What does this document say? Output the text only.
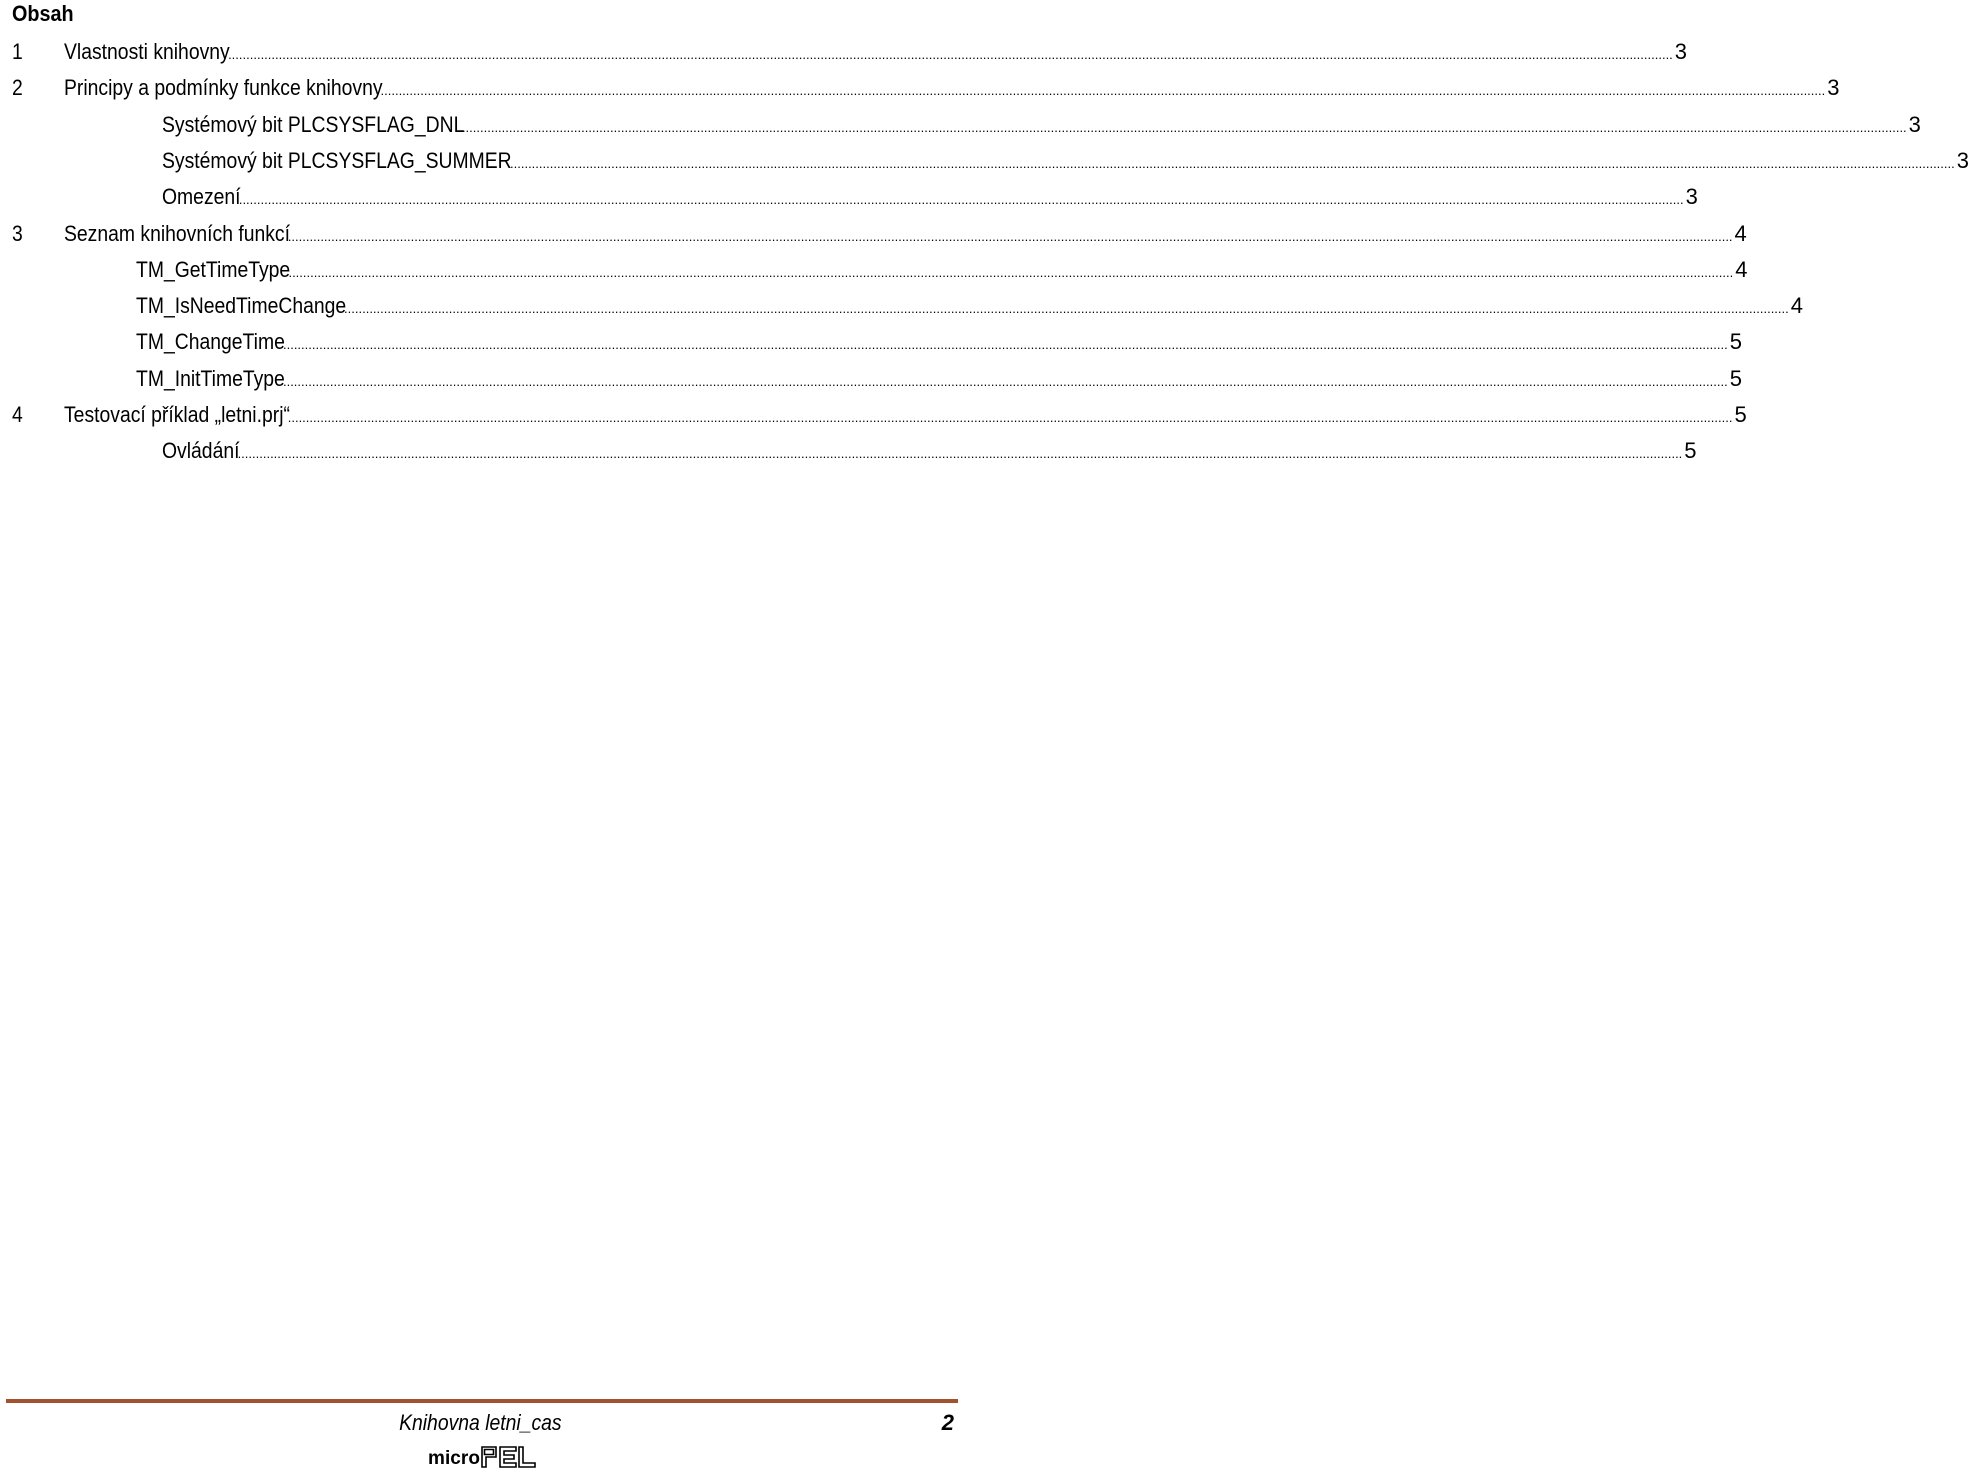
Obsah
1 Vlastnosti knihovny
................................................................................................................................................................................................................................................................................................................................................................................................................ 3
2 Principy a podmínky funkce knihovny
................................................................................................................................................................................................................................................................................................................................................................................................................ 3
Systémový bit PLCSYSFLAG_DNL
................................................................................................................................................................................................................................................................................................................................................................................................................ 3
Systémový bit PLCSYSFLAG_SUMMER
................................................................................................................................................................................................................................................................................................................................................................................................................ 3
Omezení
................................................................................................................................................................................................................................................................................................................................................................................................................ 3
3 Seznam knihovních funkcí
................................................................................................................................................................................................................................................................................................................................................................................................................ 4
TM_GetTimeType
................................................................................................................................................................................................................................................................................................................................................................................................................ 4
TM_IsNeedTimeChange
................................................................................................................................................................................................................................................................................................................................................................................................................ 4
TM_ChangeTime
................................................................................................................................................................................................................................................................................................................................................................................................................ 5
TM_InitTimeType
................................................................................................................................................................................................................................................................................................................................................................................................................ 5
4 Testovací příklad „letni.prj“
................................................................................................................................................................................................................................................................................................................................................................................................................ 5
Ovládání
................................................................................................................................................................................................................................................................................................................................................................................................................ 5
Knihovna letni_cas	2
micro
